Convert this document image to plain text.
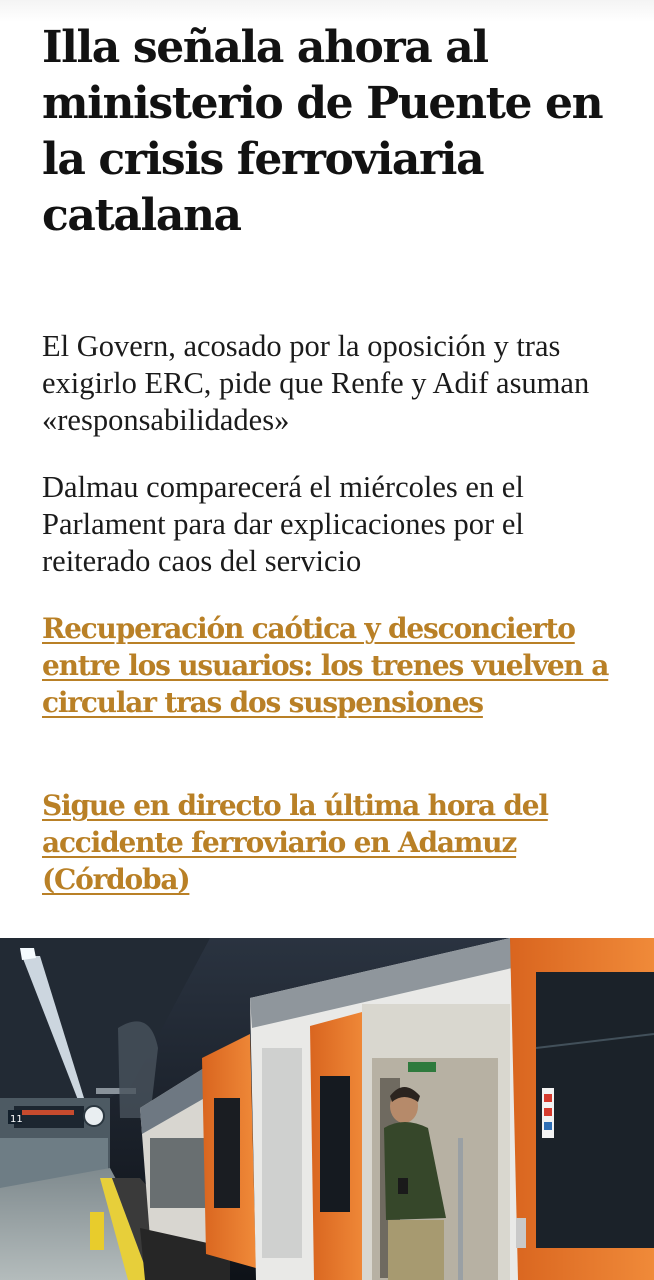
Illa señala ahora al ministerio de Puente en la crisis ferroviaria catalana

El Govern, acosado por la oposición y tras exigirlo ERC, pide que Renfe y Adif asuman «responsabilidades»

Dalmau comparecerá el miércoles en el Parlament para dar explicaciones por el reiterado caos del servicio

Recuperación caótica y desconcierto entre los usuarios: los trenes vuelven a circular tras dos suspensiones

Sigue en directo la última hora del accidente ferroviario en Adamuz (Córdoba)

11
